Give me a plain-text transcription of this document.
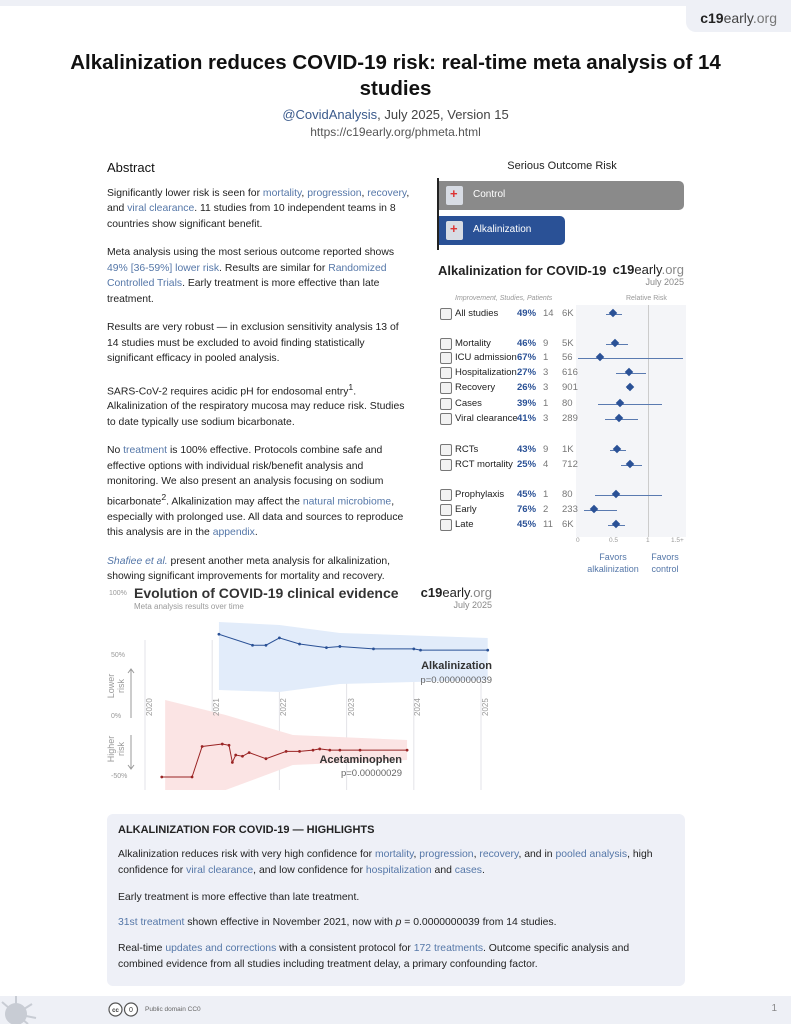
c19early.org
Alkalinization reduces COVID-19 risk: real-time meta analysis of 14 studies
@CovidAnalysis, July 2025, Version 15
https://c19early.org/phmeta.html
Abstract

Significantly lower risk is seen for mortality, progression, recovery, and viral clearance. 11 studies from 10 independent teams in 8 countries show significant benefit.

Meta analysis using the most serious outcome reported shows 49% [36-59%] lower risk. Results are similar for Randomized Controlled Trials. Early treatment is more effective than late treatment.

Results are very robust — in exclusion sensitivity analysis 13 of 14 studies must be excluded to avoid finding statistically significant efficacy in pooled analysis.

SARS-CoV-2 requires acidic pH for endosomal entry$^1$. Alkalinization of the respiratory mucosa may reduce risk. Studies to date typically use sodium bicarbonate.

No treatment is 100% effective. Protocols combine safe and effective options with individual risk/benefit analysis and monitoring. We also present an analysis focusing on sodium bicarbonate$^2$. Alkalinization may affect the natural microbiome, especially with prolonged use. All data and sources to reproduce this analysis are in the appendix.

Shafiee et al. present another meta analysis for alkalinization, showing significant improvements for mortality and recovery.

Serious Outcome Risk
+
Control
+
Alkalinization
Alkalinization for COVID-19 c19early.org
July 2025
Improvement, Studies, Patients	Relative Risk
All studies 49% 14 6K
Mortality	46% 9	5K
ICU admission 67% 1	56
Hospitalization 27% 3	616
Recovery 26% 3	901
Cases	39% 1	80
Viral clearance 41% 3	289
RCTs	43% 9	1K
RCT mortality 25% 4	712
Prophylaxis 45% 1	80
Early	76% 2	233
Late	45% 11 6K
0	0.5	1	1.5+
Favors alkalinization
Favors control
100%
50%
0%
-50%
Evolution of COVID-19 clinical evidence
Meta analysis results over time
c19early.org
July 2025
Lower risk
Higher risk
2020	2021	2022	2023	2024	2025
Alkalinization
p=0.0000000039
Acetaminophen
p=0.00000029
ALKALINIZATION FOR COVID-19 — HIGHLIGHTS
Alkalinization reduces risk with very high confidence for mortality, progression, recovery, and in pooled analysis, high confidence for viral clearance, and low confidence for hospitalization and cases.
Early treatment is more effective than late treatment.
31st treatment shown effective in November 2021, now with p = 0.0000000039 from 14 studies.
Real-time updates and corrections with a consistent protocol for 172 treatments. Outcome specific analysis and combined evidence from all studies including treatment delay, a primary confounding factor.
cc 0 Public domain CC0	1
